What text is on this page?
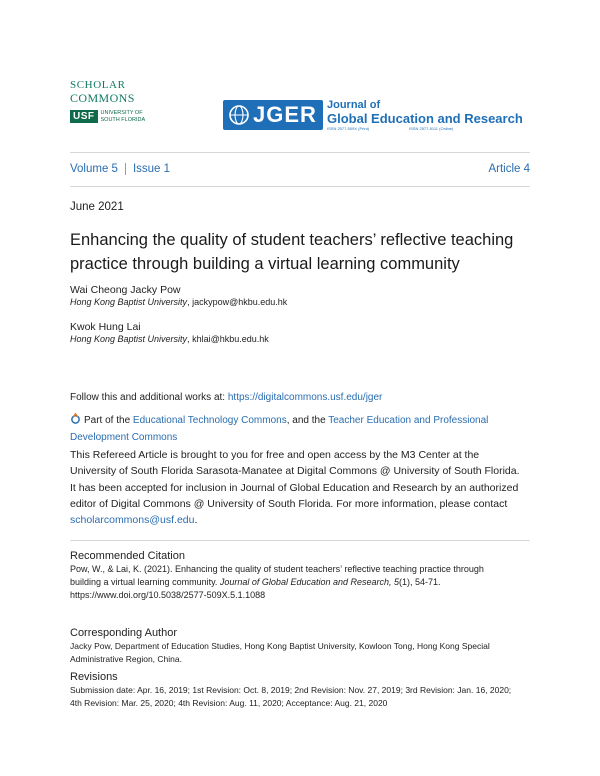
SCHOLAR
COMMONS
USF	UNIVERSITY OF
SOUTH FLORIDA	JGER Journal of
Global Education and Research
ISSN 2577-509X (Print)	ISSN 2577-5111 (Online)
Volume 5 Issue 1	Article 4
June 2021
Enhancing the quality of student teachers’ reflective teaching
practice through building a virtual learning community
Wai Cheong Jacky Pow
Hong Kong Baptist University, jackypow@hkbu.edu.hk
Kwok Hung Lai
Hong Kong Baptist University, khlai@hkbu.edu.hk
Follow this and additional works at: https://digitalcommons.usf.edu/jger
Part of the Educational Technology Commons, and the Teacher Education and Professional
Development Commons
This Refereed Article is brought to you for free and open access by the M3 Center at the
University of South Florida Sarasota-Manatee at Digital Commons @ University of South Florida.
It has been accepted for inclusion in Journal of Global Education and Research by an authorized
editor of Digital Commons @ University of South Florida. For more information, please contact
scholarcommons@usf.edu.
Recommended Citation
Pow, W., & Lai, K. (2021). Enhancing the quality of student teachers’ reflective teaching practice through
building a virtual learning community. Journal of Global Education and Research, 5(1), 54-71.
https://www.doi.org/10.5038/2577-509X.5.1.1088
Corresponding Author
Jacky Pow, Department of Education Studies, Hong Kong Baptist University, Kowloon Tong, Hong Kong Special
Administrative Region, China.
Revisions
Submission date: Apr. 16, 2019; 1st Revision: Oct. 8, 2019; 2nd Revision: Nov. 27, 2019; 3rd Revision: Jan. 16, 2020;
4th Revision: Mar. 25, 2020; 4th Revision: Aug. 11, 2020; Acceptance: Aug. 21, 2020
